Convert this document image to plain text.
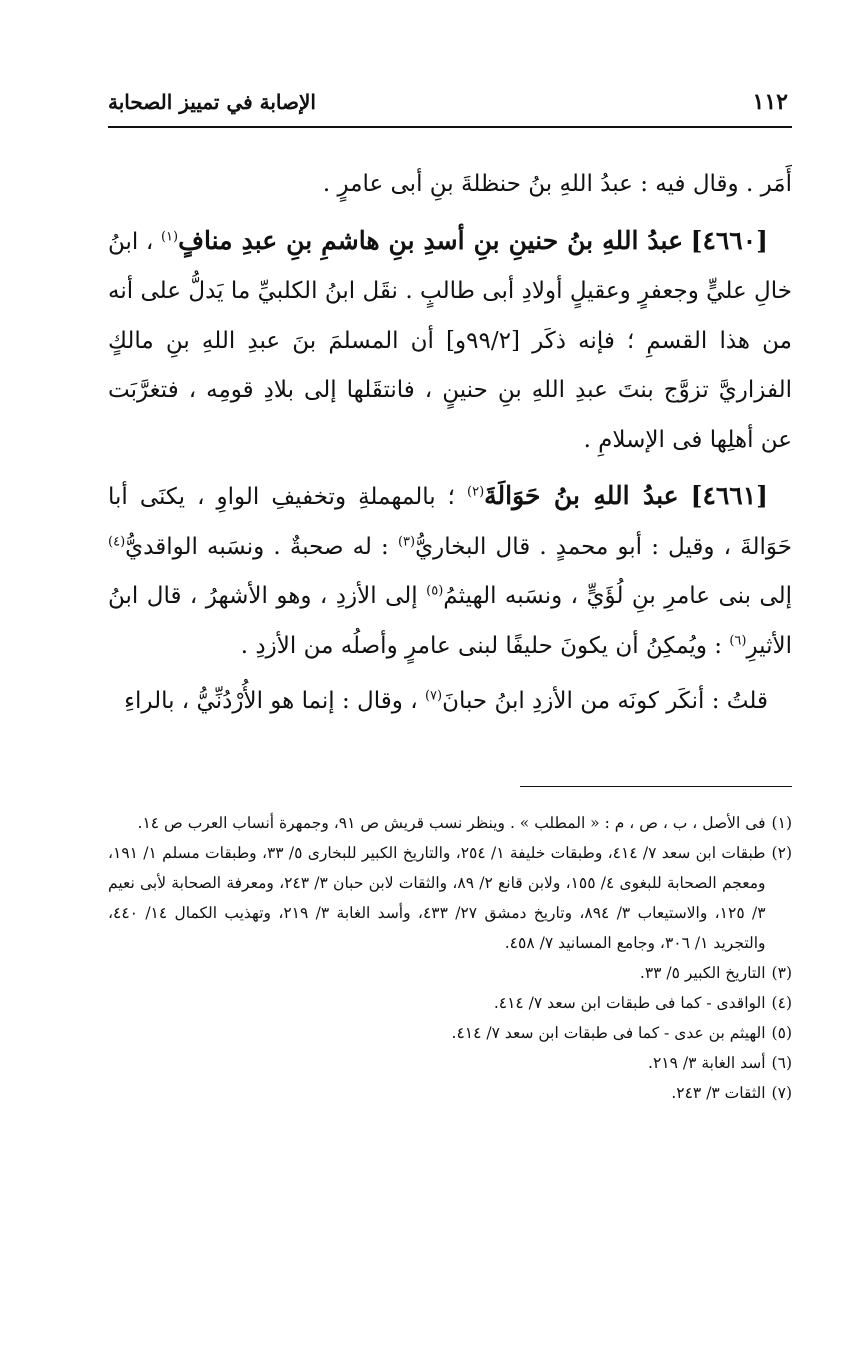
١١٢
الإصابة في تمييز الصحابة

أَمَر . وقال فيه : عبدُ اللهِ بنُ حنظلةَ بنِ أبى عامرٍ .

[٤٦٦٠] عبدُ اللهِ بنُ حنينِ بنِ أسدِ بنِ هاشمِ بنِ عبدِ منافٍ$^{(١)}$ ، ابنُ خالِ عليٍّ وجعفرٍ وعقيلٍ أولادِ أبى طالبٍ . نقَل ابنُ الكلبيِّ ما يَدلُّ على أنه من هذا القسمِ ؛ فإنه ذكَر [٩٩/٢و] أن المسلمَ بنَ عبدِ اللهِ بنِ مالكٍ الفزاريَّ تزوَّج بنتَ عبدِ اللهِ بنِ حنينٍ ، فانتقَلها إلى بلادِ قومِه ، فتغرَّبَت عن أهلِها فى الإسلامِ .

[٤٦٦١] عبدُ اللهِ بنُ حَوَالَةَ$^{(٢)}$ ؛ بالمهملةِ وتخفيفِ الواوِ ، يكنَى أبا حَوَالةَ ، وقيل : أبو محمدٍ . قال البخاريُّ$^{(٣)}$ : له صحبةٌ . ونسَبه الواقديُّ$^{(٤)}$ إلى بنى عامرِ بنِ لُؤَيٍّ ، ونسَبه الهيثمُ$^{(٥)}$ إلى الأزدِ ، وهو الأشهرُ ، قال ابنُ الأثيرِ$^{(٦)}$ : ويُمكِنُ أن يكونَ حليفًا لبنى عامرٍ وأصلُه من الأزدِ .

قلتُ : أنكَر كونَه من الأزدِ ابنُ حبانَ$^{(٧)}$ ، وقال : إنما هو الأُرْدُنِّيُّ ، بالراءِ

(١)
فى الأصل ، ب ، ص ، م : « المطلب » . وينظر نسب قريش ص ٩١، وجمهرة أنساب العرب ص ١٤.
(٢)
طبقات ابن سعد ٧/ ٤١٤، وطبقات خليفة ١/ ٢٥٤، والتاريخ الكبير للبخارى ٥/ ٣٣، وطبقات مسلم ١/ ١٩١، ومعجم الصحابة للبغوى ٤/ ١٥٥، ولابن قانع ٢/ ٨٩، والثقات لابن حبان ٣/ ٢٤٣، ومعرفة الصحابة لأبى نعيم ٣/ ١٢٥، والاستيعاب ٣/ ٨٩٤، وتاريخ دمشق ٢٧/ ٤٣٣، وأسد الغابة ٣/ ٢١٩، وتهذيب الكمال ١٤/ ٤٤٠، والتجريد ١/ ٣٠٦، وجامع المسانيد ٧/ ٤٥٨.
(٣)
التاريخ الكبير ٥/ ٣٣.
(٤)
الواقدى - كما فى طبقات ابن سعد ٧/ ٤١٤.
(٥)
الهيثم بن عدى - كما فى طبقات ابن سعد ٧/ ٤١٤.
(٦)
أسد الغابة ٣/ ٢١٩.
(٧)
الثقات ٣/ ٢٤٣.
